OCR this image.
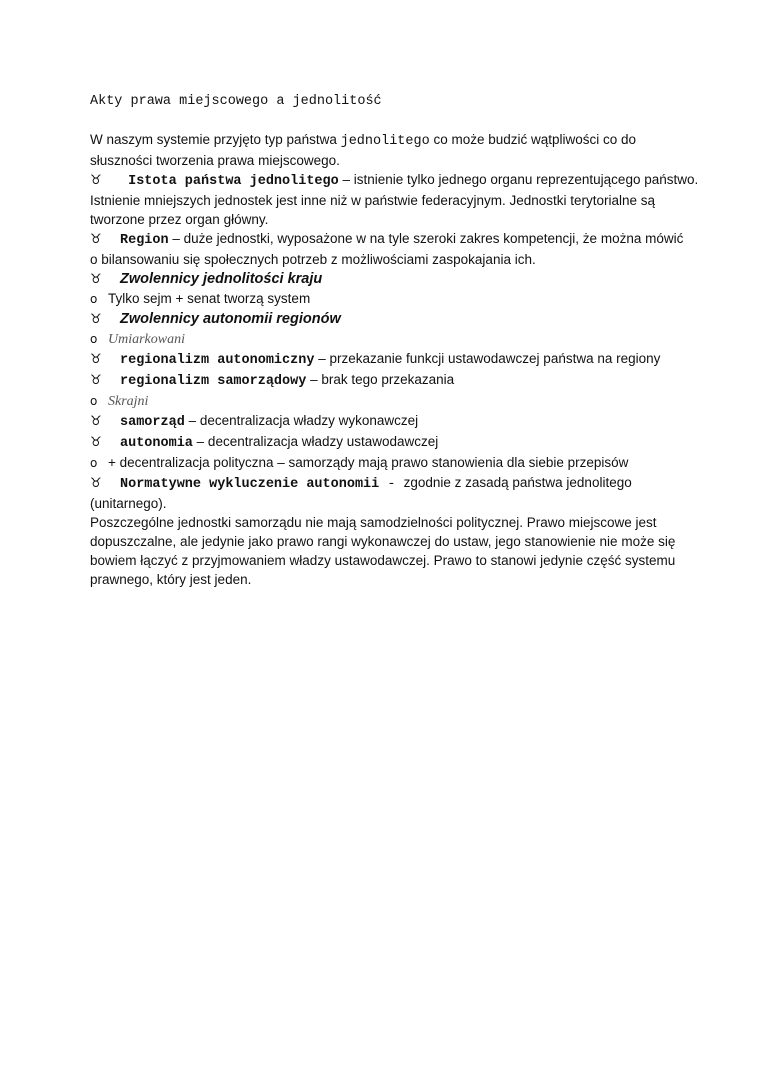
Akty prawa miejscowego a jednolitość

W naszym systemie przyjęto typ państwa jednolitego co może budzić wątpliwości co do słuszności tworzenia prawa miejscowego.

♉ Istota państwa jednolitego – istnienie tylko jednego organu reprezentującego państwo.

Istnienie mniejszych jednostek jest inne niż w państwie federacyjnym. Jednostki terytorialne są tworzone przez organ główny.

♉ Region – duże jednostki, wyposażone w na tyle szeroki zakres kompetencji, że można mówić

o bilansowaniu się społecznych potrzeb z możliwościami zaspokajania ich.

♉ Zwolennicy jednolitości kraju

o Tylko sejm + senat tworzą system

♉ Zwolennicy autonomii regionów

o Umiarkowani

♉ regionalizm autonomiczny – przekazanie funkcji ustawodawczej państwa na regiony

♉ regionalizm samorządowy – brak tego przekazania

o Skrajni

♉ samorząd – decentralizacja władzy wykonawczej

♉ autonomia – decentralizacja władzy ustawodawczej

o + decentralizacja polityczna – samorządy mają prawo stanowienia dla siebie przepisów

♉ Normatywne wykluczenie autonomii - zgodnie z zasadą państwa jednolitego (unitarnego).

Poszczególne jednostki samorządu nie mają samodzielności politycznej. Prawo miejscowe jest dopuszczalne, ale jedynie jako prawo rangi wykonawczej do ustaw, jego stanowienie nie może się bowiem łączyć z przyjmowaniem władzy ustawodawczej. Prawo to stanowi jedynie część systemu prawnego, który jest jeden.
